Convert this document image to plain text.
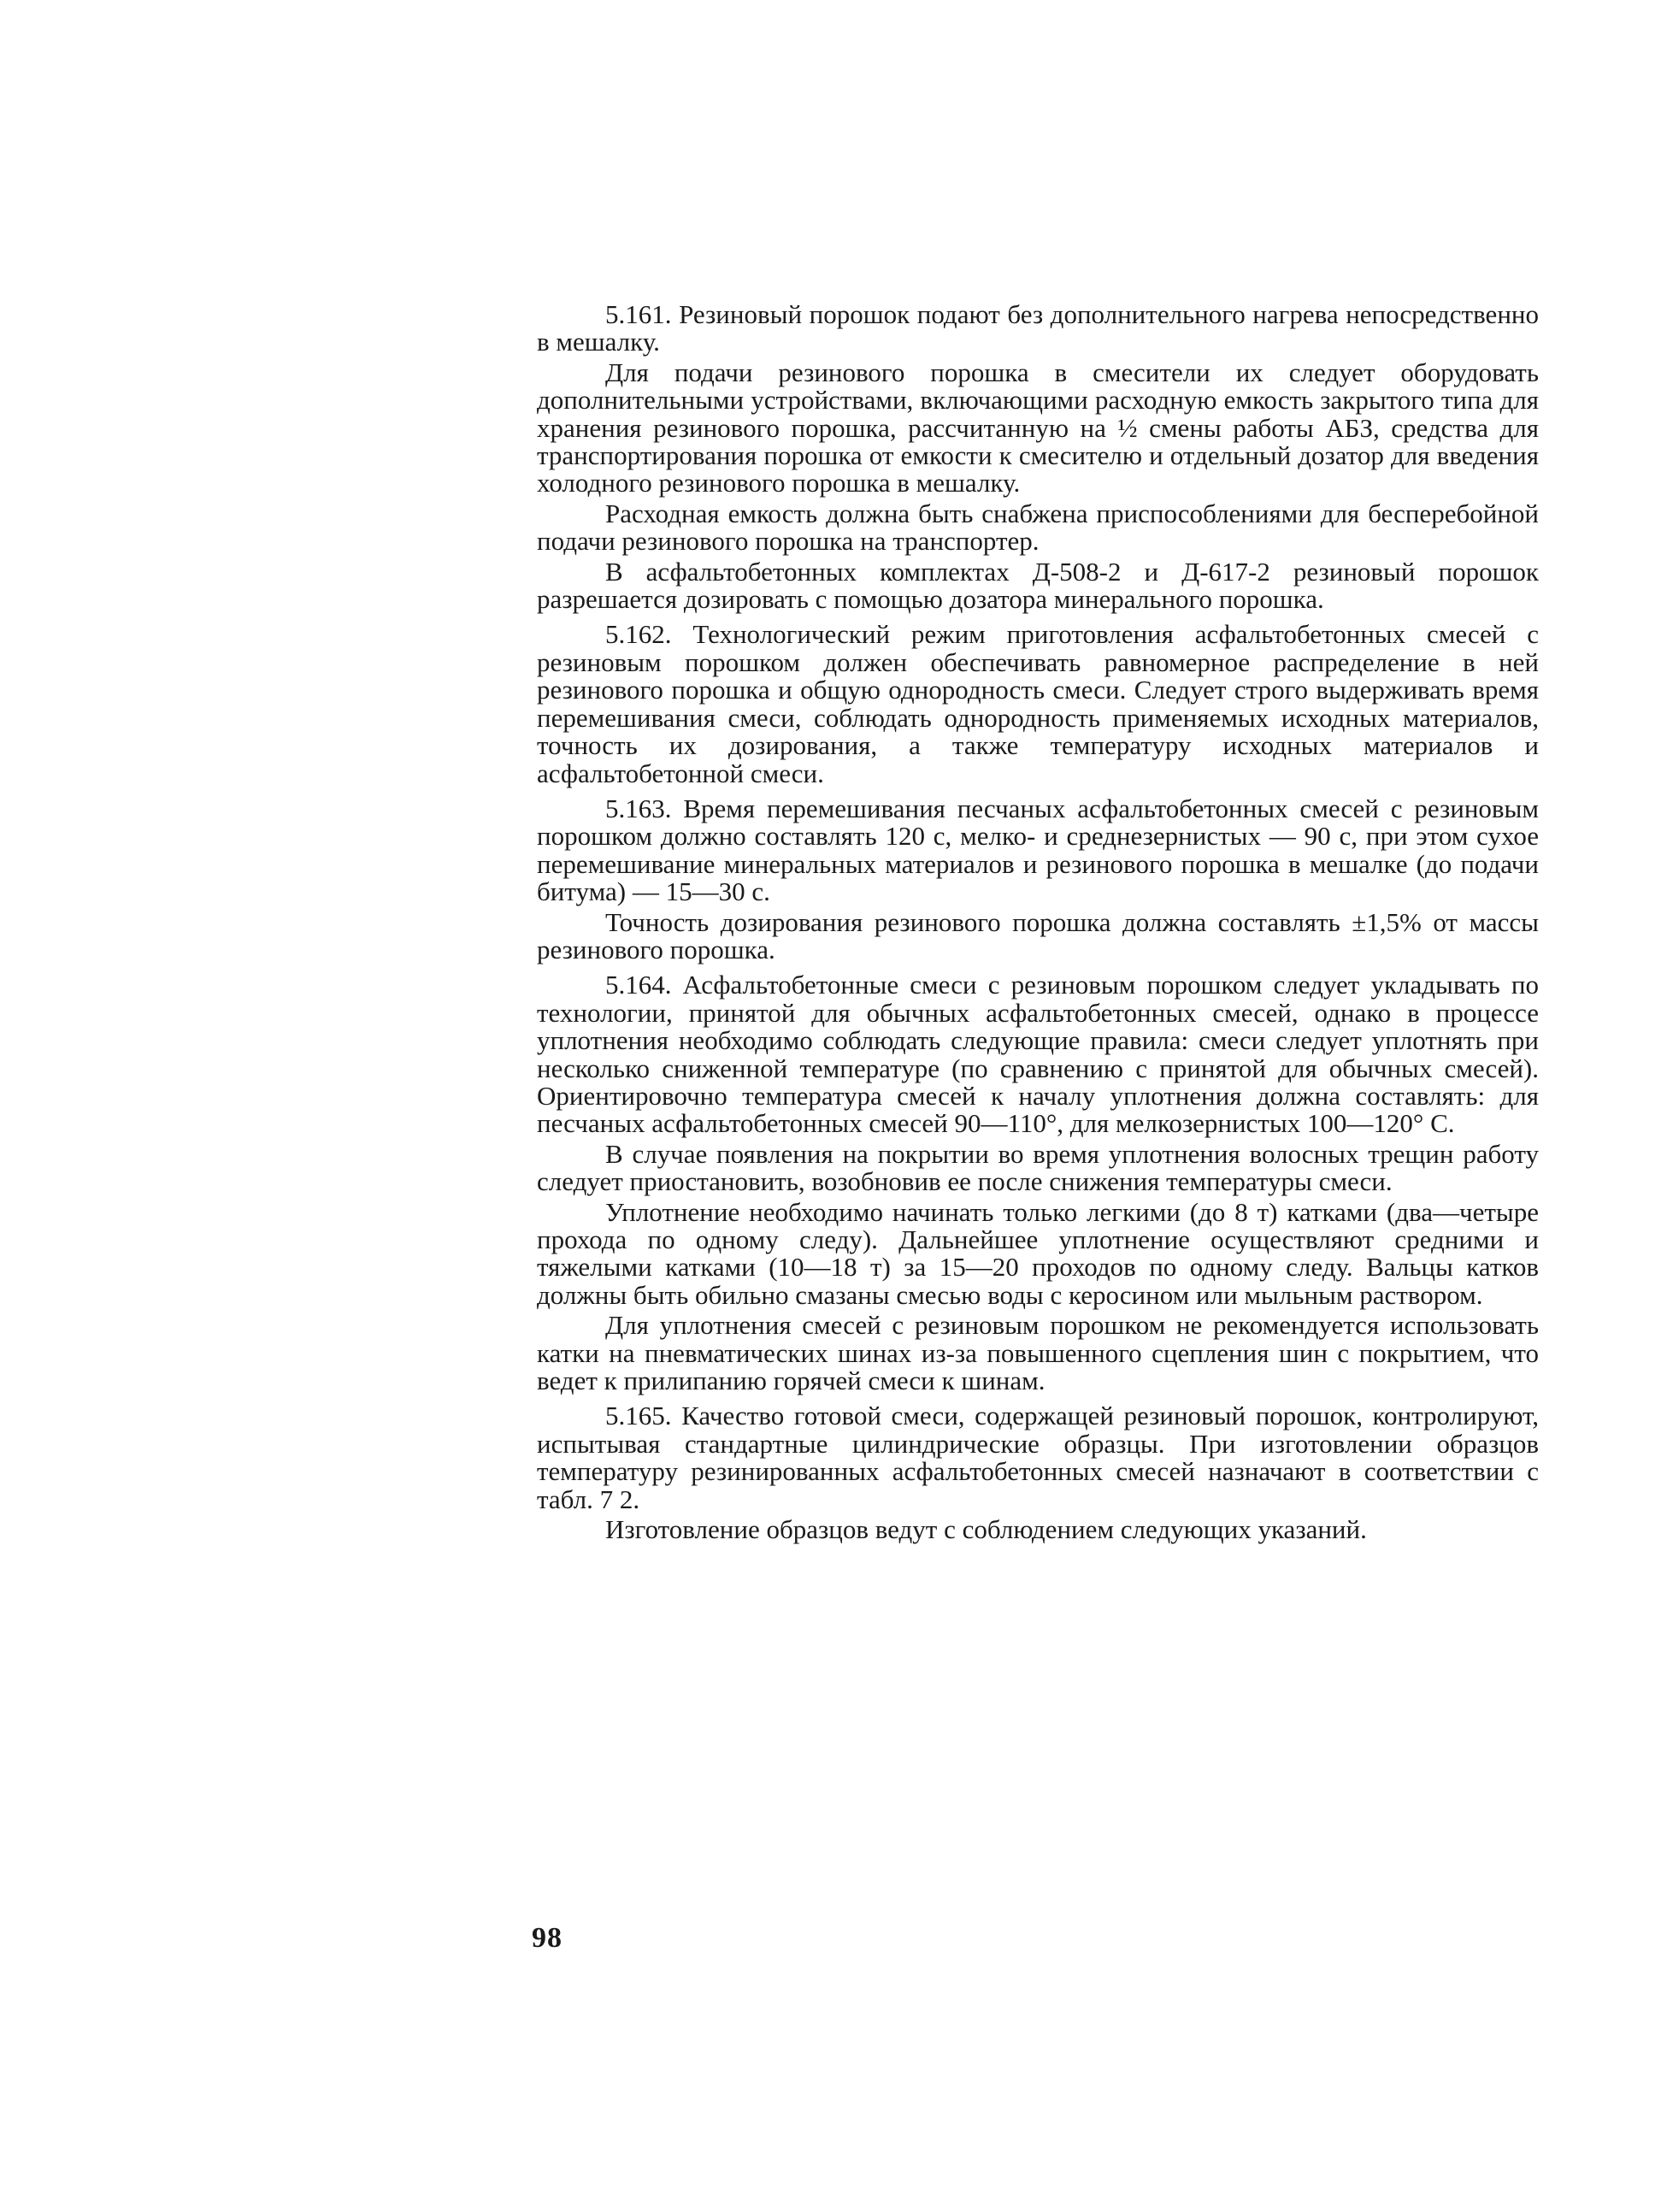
5.161. Резиновый порошок подают без дополнительного нагрева непосредственно в мешалку.

Для подачи резинового порошка в смесители их следует оборудовать дополнительными устройствами, включающими расходную емкость закрытого типа для хранения резинового порошка, рассчитанную на ½ смены работы АБЗ, средства для транспортирования порошка от емкости к смесителю и отдельный дозатор для введения холодного резинового порошка в мешалку.

Расходная емкость должна быть снабжена приспособлениями для бесперебойной подачи резинового порошка на транспортер.

В асфальтобетонных комплектах Д-508-2 и Д-617-2 резиновый порошок разрешается дозировать с помощью дозатора минерального порошка.

5.162. Технологический режим приготовления асфальтобетонных смесей с резиновым порошком должен обеспечивать равномерное распределение в ней резинового порошка и общую однородность смеси. Следует строго выдерживать время перемешивания смеси, соблюдать однородность применяемых исходных материалов, точность их дозирования, а также температуру исходных материалов и асфальтобетонной смеси.

5.163. Время перемешивания песчаных асфальтобетонных смесей с резиновым порошком должно составлять 120 с, мелко- и среднезернистых — 90 с, при этом сухое перемешивание минеральных материалов и резинового порошка в мешалке (до подачи битума) — 15—30 с.

Точность дозирования резинового порошка должна составлять ±1,5% от массы резинового порошка.

5.164. Асфальтобетонные смеси с резиновым порошком следует укладывать по технологии, принятой для обычных асфальтобетонных смесей, однако в процессе уплотнения необходимо соблюдать следующие правила: смеси следует уплотнять при несколько сниженной температуре (по сравнению с принятой для обычных смесей). Ориентировочно температура смесей к началу уплотнения должна составлять: для песчаных асфальтобетонных смесей 90—110°, для мелкозернистых 100—120° С.

В случае появления на покрытии во время уплотнения волосных трещин работу следует приостановить, возобновив ее после снижения температуры смеси.

Уплотнение необходимо начинать только легкими (до 8 т) катками (два—четыре прохода по одному следу). Дальнейшее уплотнение осуществляют средними и тяжелыми катками (10—18 т) за 15—20 проходов по одному следу. Вальцы катков должны быть обильно смазаны смесью воды с керосином или мыльным раствором.

Для уплотнения смесей с резиновым порошком не рекомендуется использовать катки на пневматических шинах из-за повышенного сцепления шин с покрытием, что ведет к прилипанию горячей смеси к шинам.

5.165. Качество готовой смеси, содержащей резиновый порошок, контролируют, испытывая стандартные цилиндрические образцы. При изготовлении образцов температуру резинированных асфальтобетонных смесей назначают в соответствии с табл. 7 2.

Изготовление образцов ведут с соблюдением следующих указаний.

98
